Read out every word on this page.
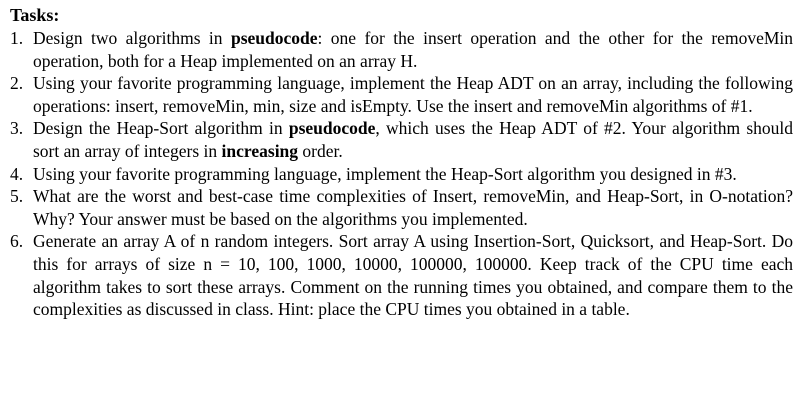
Tasks:
1. Design two algorithms in pseudocode: one for the insert operation and the other for the removeMin operation, both for a Heap implemented on an array H.
2. Using your favorite programming language, implement the Heap ADT on an array, including the following operations: insert, removeMin, min, size and isEmpty. Use the insert and removeMin algorithms of #1.
3. Design the Heap-Sort algorithm in pseudocode, which uses the Heap ADT of #2. Your algorithm should sort an array of integers in increasing order.
4. Using your favorite programming language, implement the Heap-Sort algorithm you designed in #3.
5. What are the worst and best-case time complexities of Insert, removeMin, and Heap-Sort, in O-notation? Why? Your answer must be based on the algorithms you implemented.
6. Generate an array A of n random integers. Sort array A using Insertion-Sort, Quicksort, and Heap-Sort. Do this for arrays of size n = 10, 100, 1000, 10000, 100000, 100000. Keep track of the CPU time each algorithm takes to sort these arrays. Comment on the running times you obtained, and compare them to the complexities as discussed in class. Hint: place the CPU times you obtained in a table.
